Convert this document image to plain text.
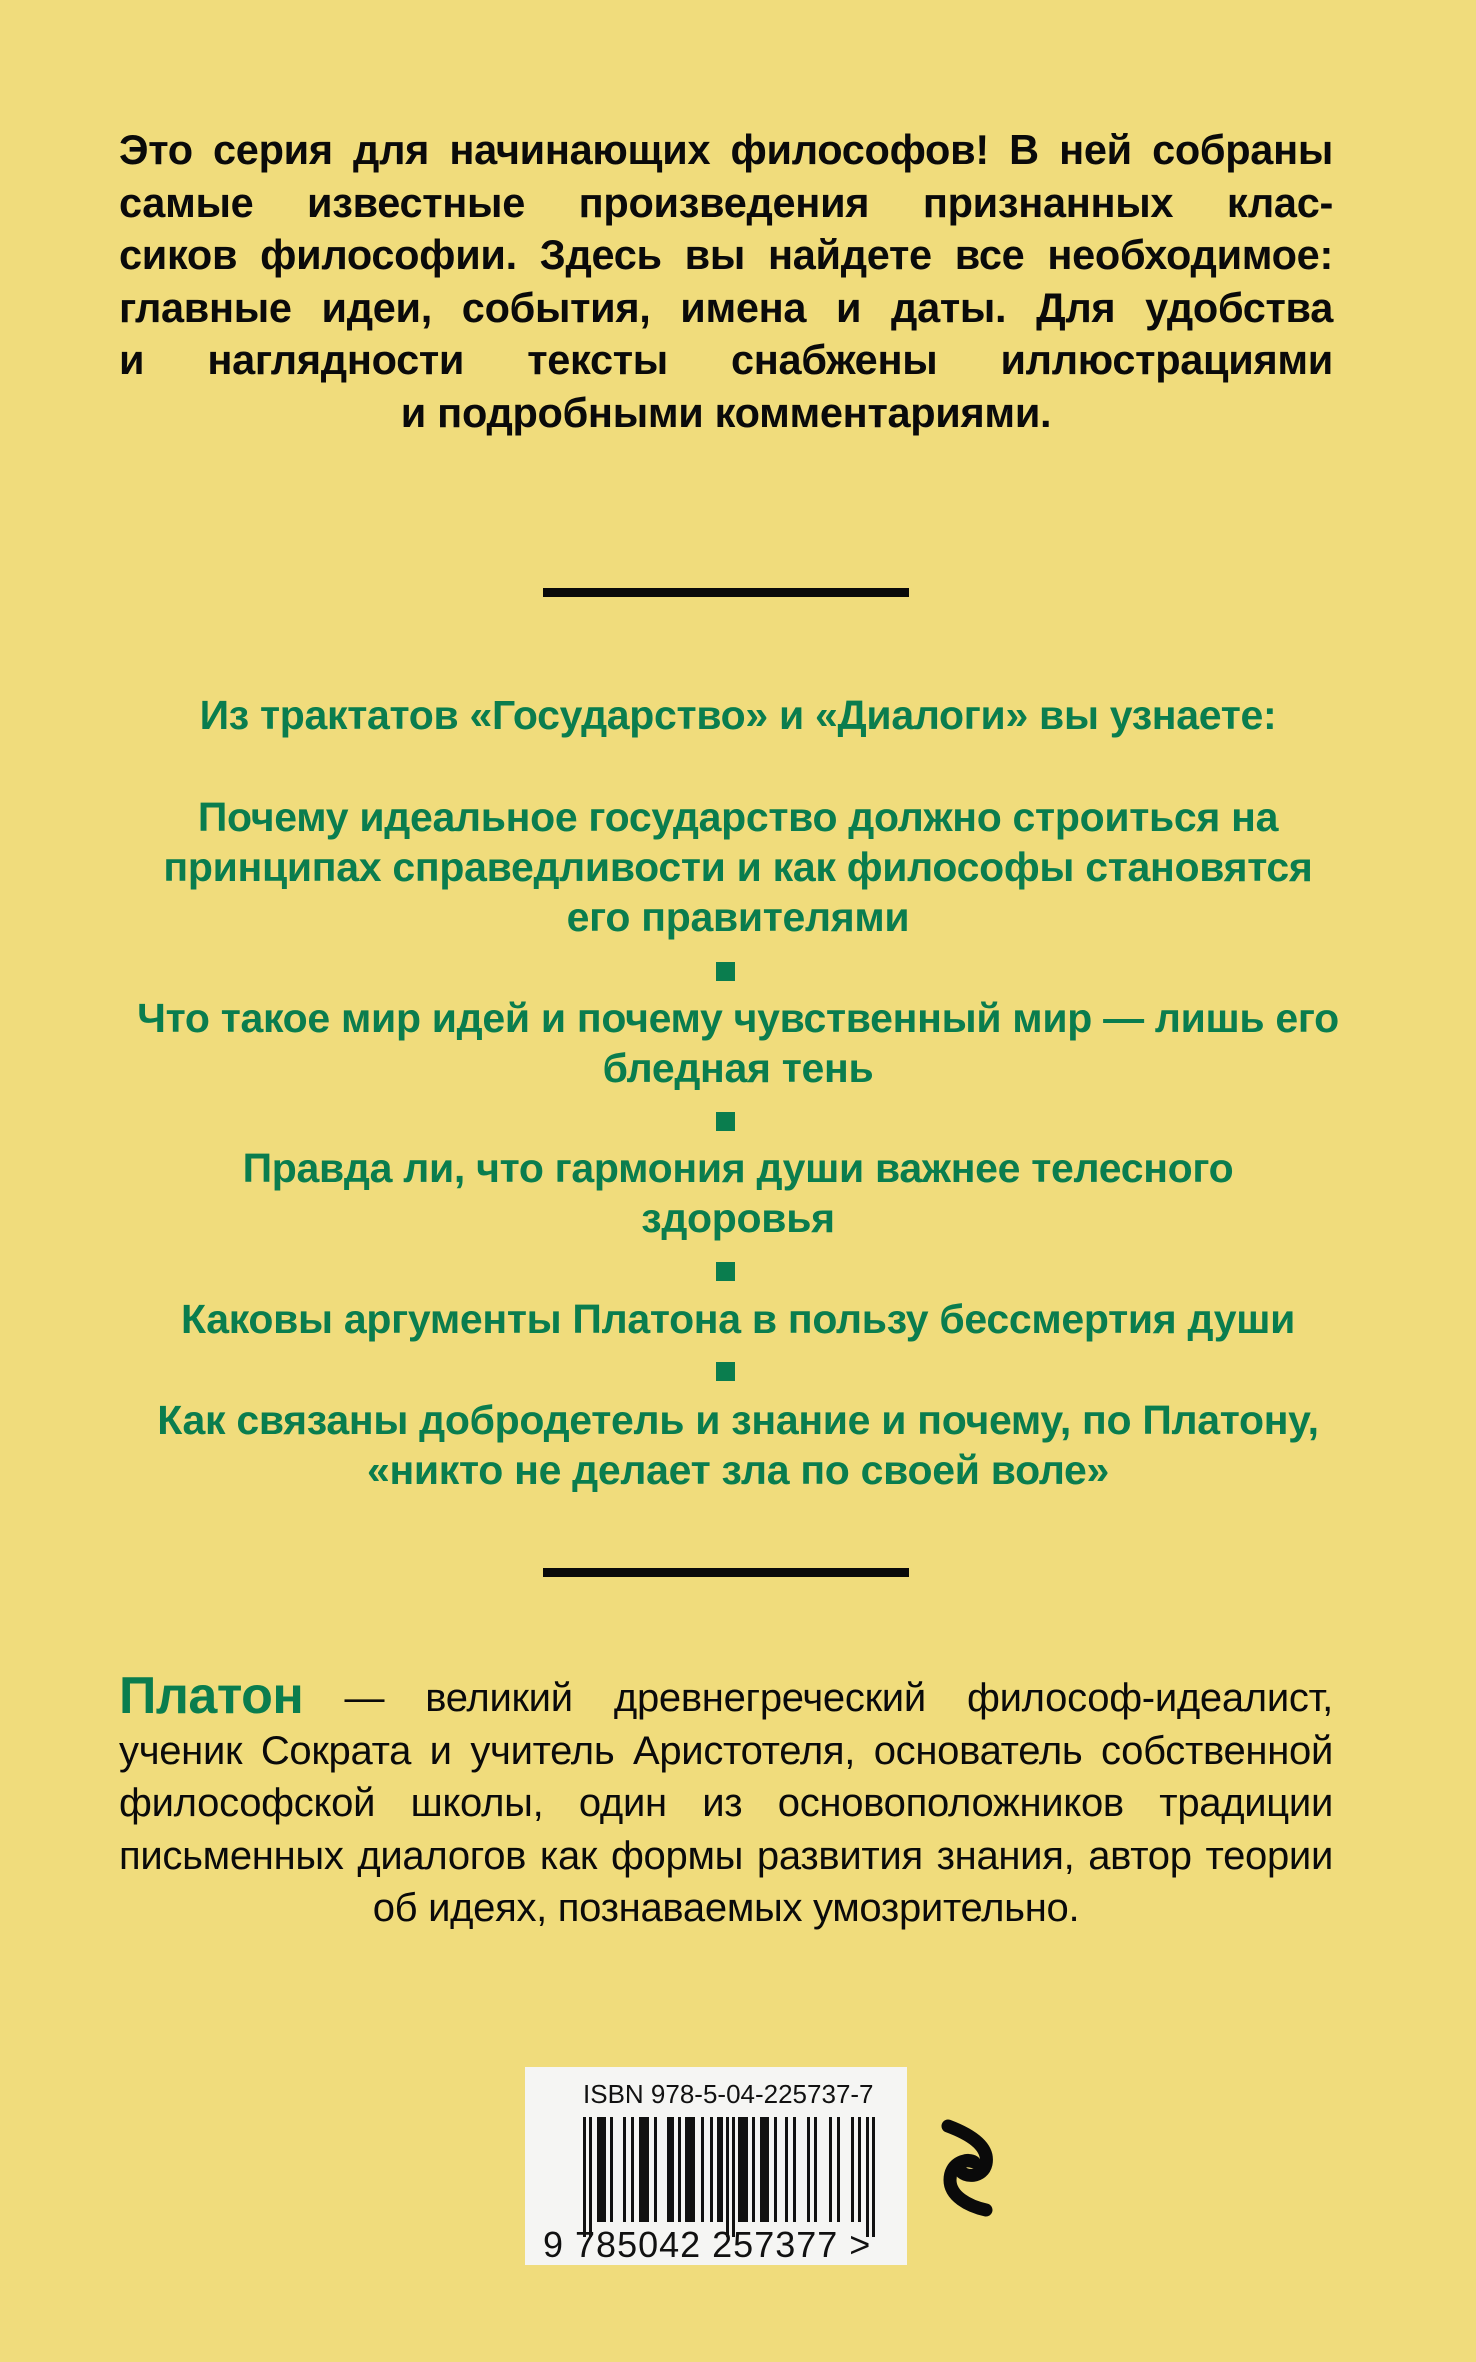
Это серия для начинающих философов! В ней собраны
самые известные произведения признанных клас-
сиков философии. Здесь вы найдете все необходимое:
главные идеи, события, имена и даты. Для удобства
и наглядности тексты снабжены иллюстрациями
и подробными комментариями.
Из трактатов «Государство» и «Диалоги» вы узнаете:
Почему идеальное государство должно строиться на
принципах справедливости и как философы становятся
его правителями
Что такое мир идей и почему чувственный мир — лишь его
бледная тень
Правда ли, что гармония души важнее телесного
здоровья
Каковы аргументы Платона в пользу бессмертия души
Как связаны добродетель и знание и почему, по Платону,
«никто не делает зла по своей воле»
Платон — великий древнегреческий философ-идеалист,
ученик Сократа и учитель Аристотеля, основатель собственной
философской школы, один из основоположников традиции
письменных диалогов как формы развития знания, автор теории
об идеях, познаваемых умозрительно.
ISBN 978-5-04-225737-7
9 785042 257377 >
